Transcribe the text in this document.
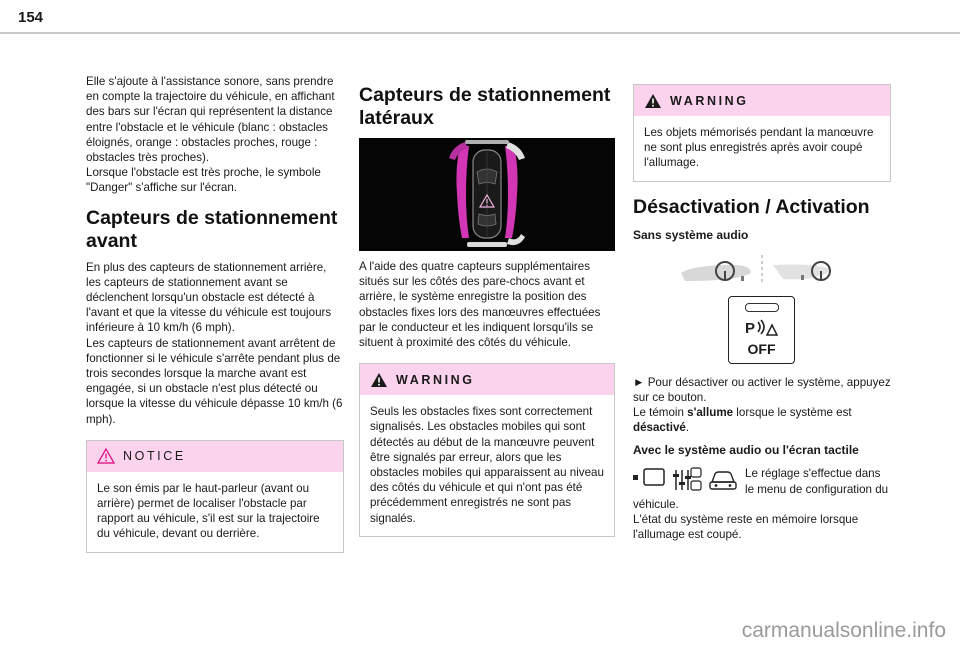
154

Elle s'ajoute à l'assistance sonore, sans prendre en compte la trajectoire du véhicule, en affichant des bars sur l'écran qui représentent la distance entre l'obstacle et le véhicule (blanc : obstacles éloignés, orange : obstacles proches, rouge : obstacles très proches).

Lorsque l'obstacle est très proche, le symbole "Danger" s'affiche sur l'écran.

Capteurs de stationnement avant

En plus des capteurs de stationnement arrière, les capteurs de stationnement avant se déclenchent lorsqu'un obstacle est détecté à l'avant et que la vitesse du véhicule est toujours inférieure à 10 km/h (6 mph).

Les capteurs de stationnement avant arrêtent de fonctionner si le véhicule s'arrête pendant plus de trois secondes lorsque la marche avant est engagée, si un obstacle n'est plus détecté ou lorsque la vitesse du véhicule dépasse 10 km/h (6 mph).

NOTICE

Le son émis par le haut-parleur (avant ou arrière) permet de localiser l'obstacle par rapport au véhicule, s'il est sur la trajectoire du véhicule, devant ou derrière.

Capteurs de stationnement latéraux

A l'aide des quatre capteurs supplémentaires situés sur les côtés des pare-chocs avant et arrière, le système enregistre la position des obstacles fixes lors des manœuvres effectuées par le conducteur et les indiquent lorsqu'ils se situent à proximité des côtés du véhicule.

WARNING

Seuls les obstacles fixes sont correctement signalisés. Les obstacles mobiles qui sont détectés au début de la manœuvre peuvent être signalés par erreur, alors que les obstacles mobiles qui apparaissent au niveau des côtés du véhicule et qui n'ont pas été précédemment enregistrés ne sont pas signalés.

WARNING

Les objets mémorisés pendant la manœuvre ne sont plus enregistrés après avoir coupé l'allumage.

Désactivation / Activation
Sans système audio
P
OFF

► Pour désactiver ou activer le système, appuyez sur ce bouton.

Le témoin s'allume lorsque le système est désactivé.

Avec le système audio ou l'écran tactile

Le réglage s'effectue dans le menu de configuration du

véhicule.

L'état du système reste en mémoire lorsque l'allumage est coupé.

carmanualsonline.info
